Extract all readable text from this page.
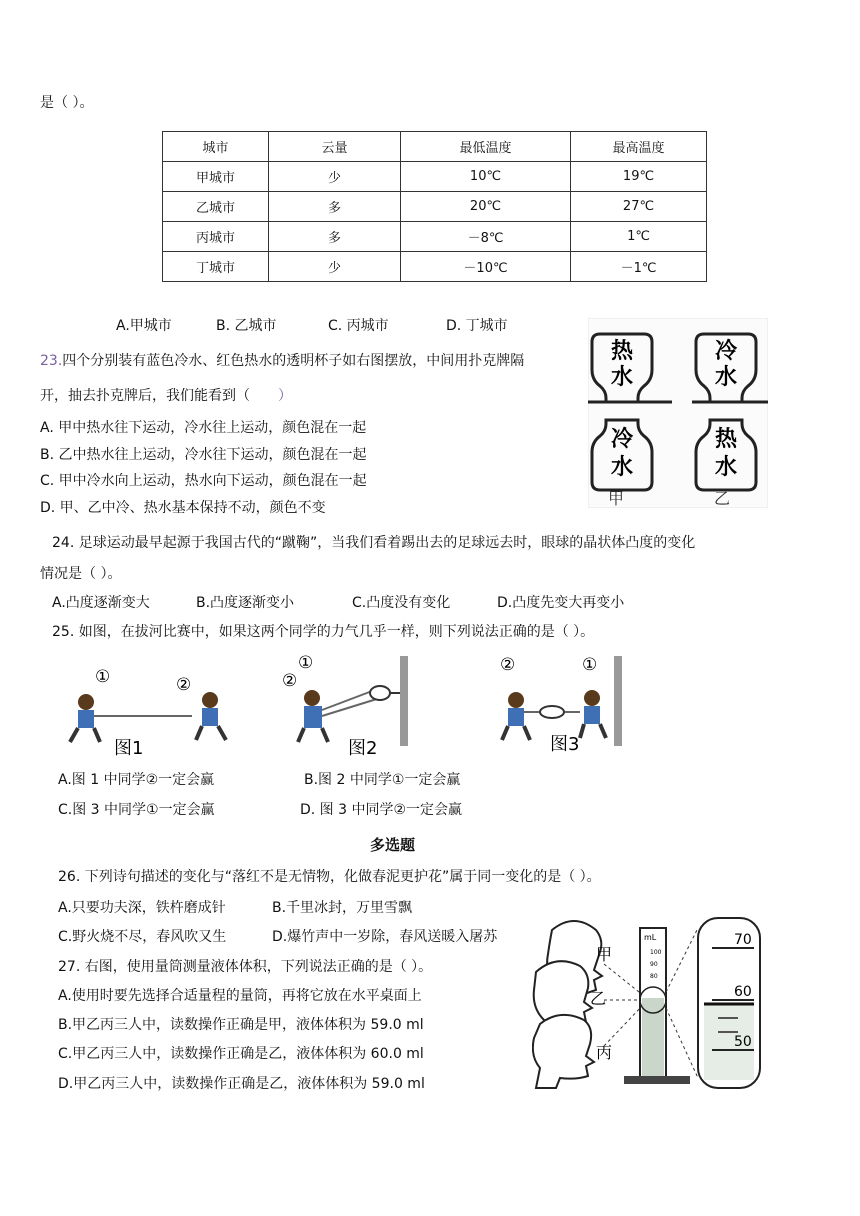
是（ ）。
城市	云量	最低温度	最高温度
甲城市	少	10℃	19℃
乙城市	多	20℃	27℃
丙城市	多	－8℃	1℃
丁城市	少	－10℃	－1℃
A.甲城市	B. 乙城市	C. 丙城市	D. 丁城市
23.四个分别装有蓝色冷水、红色热水的透明杯子如右图摆放，中间用扑克牌隔
开，抽去扑克牌后，我们能看到（ ）
A. 甲中热水往下运动，冷水往上运动，颜色混在一起
B. 乙中热水往上运动，冷水往下运动，颜色混在一起
C. 甲中冷水向上运动，热水向下运动，颜色混在一起
D. 甲、乙中冷、热水基本保持不动，颜色不变
热
水
冷
水
甲
冷
水
热
水
乙
24. 足球运动最早起源于我国古代的“蹴鞠”，当我们看着踢出去的足球远去时，眼球的晶状体凸度的变化
情况是（ ）。
A.凸度逐渐变大	B.凸度逐渐变小	C.凸度没有变化	D.凸度先变大再变小
25. 如图，在拔河比赛中，如果这两个同学的力气几乎一样，则下列说法正确的是（ ）。
①	②
图1
①
②
图2
②	①
图3
A.图 1 中同学②一定会赢	B.图 2 中同学①一定会赢
C.图 3 中同学①一定会赢	D. 图 3 中同学②一定会赢
多选题
26. 下列诗句描述的变化与“落红不是无情物，化做春泥更护花”属于同一变化的是（ ）。
A.只要功夫深，铁杵磨成针	B.千里冰封，万里雪飘
C.野火烧不尽，春风吹又生	D.爆竹声中一岁除，春风送暖入屠苏
27. 右图，使用量筒测量液体体积，下列说法正确的是（ ）。
A.使用时要先选择合适量程的量筒，再将它放在水平桌面上
B.甲乙丙三人中，读数操作正确是甲，液体体积为 59.0 ml
C.甲乙丙三人中，读数操作正确是乙，液体体积为 60.0 ml
D.甲乙丙三人中，读数操作正确是乙，液体体积为 59.0 ml
甲
乙
丙
mL
100
90
80
70
60
50
